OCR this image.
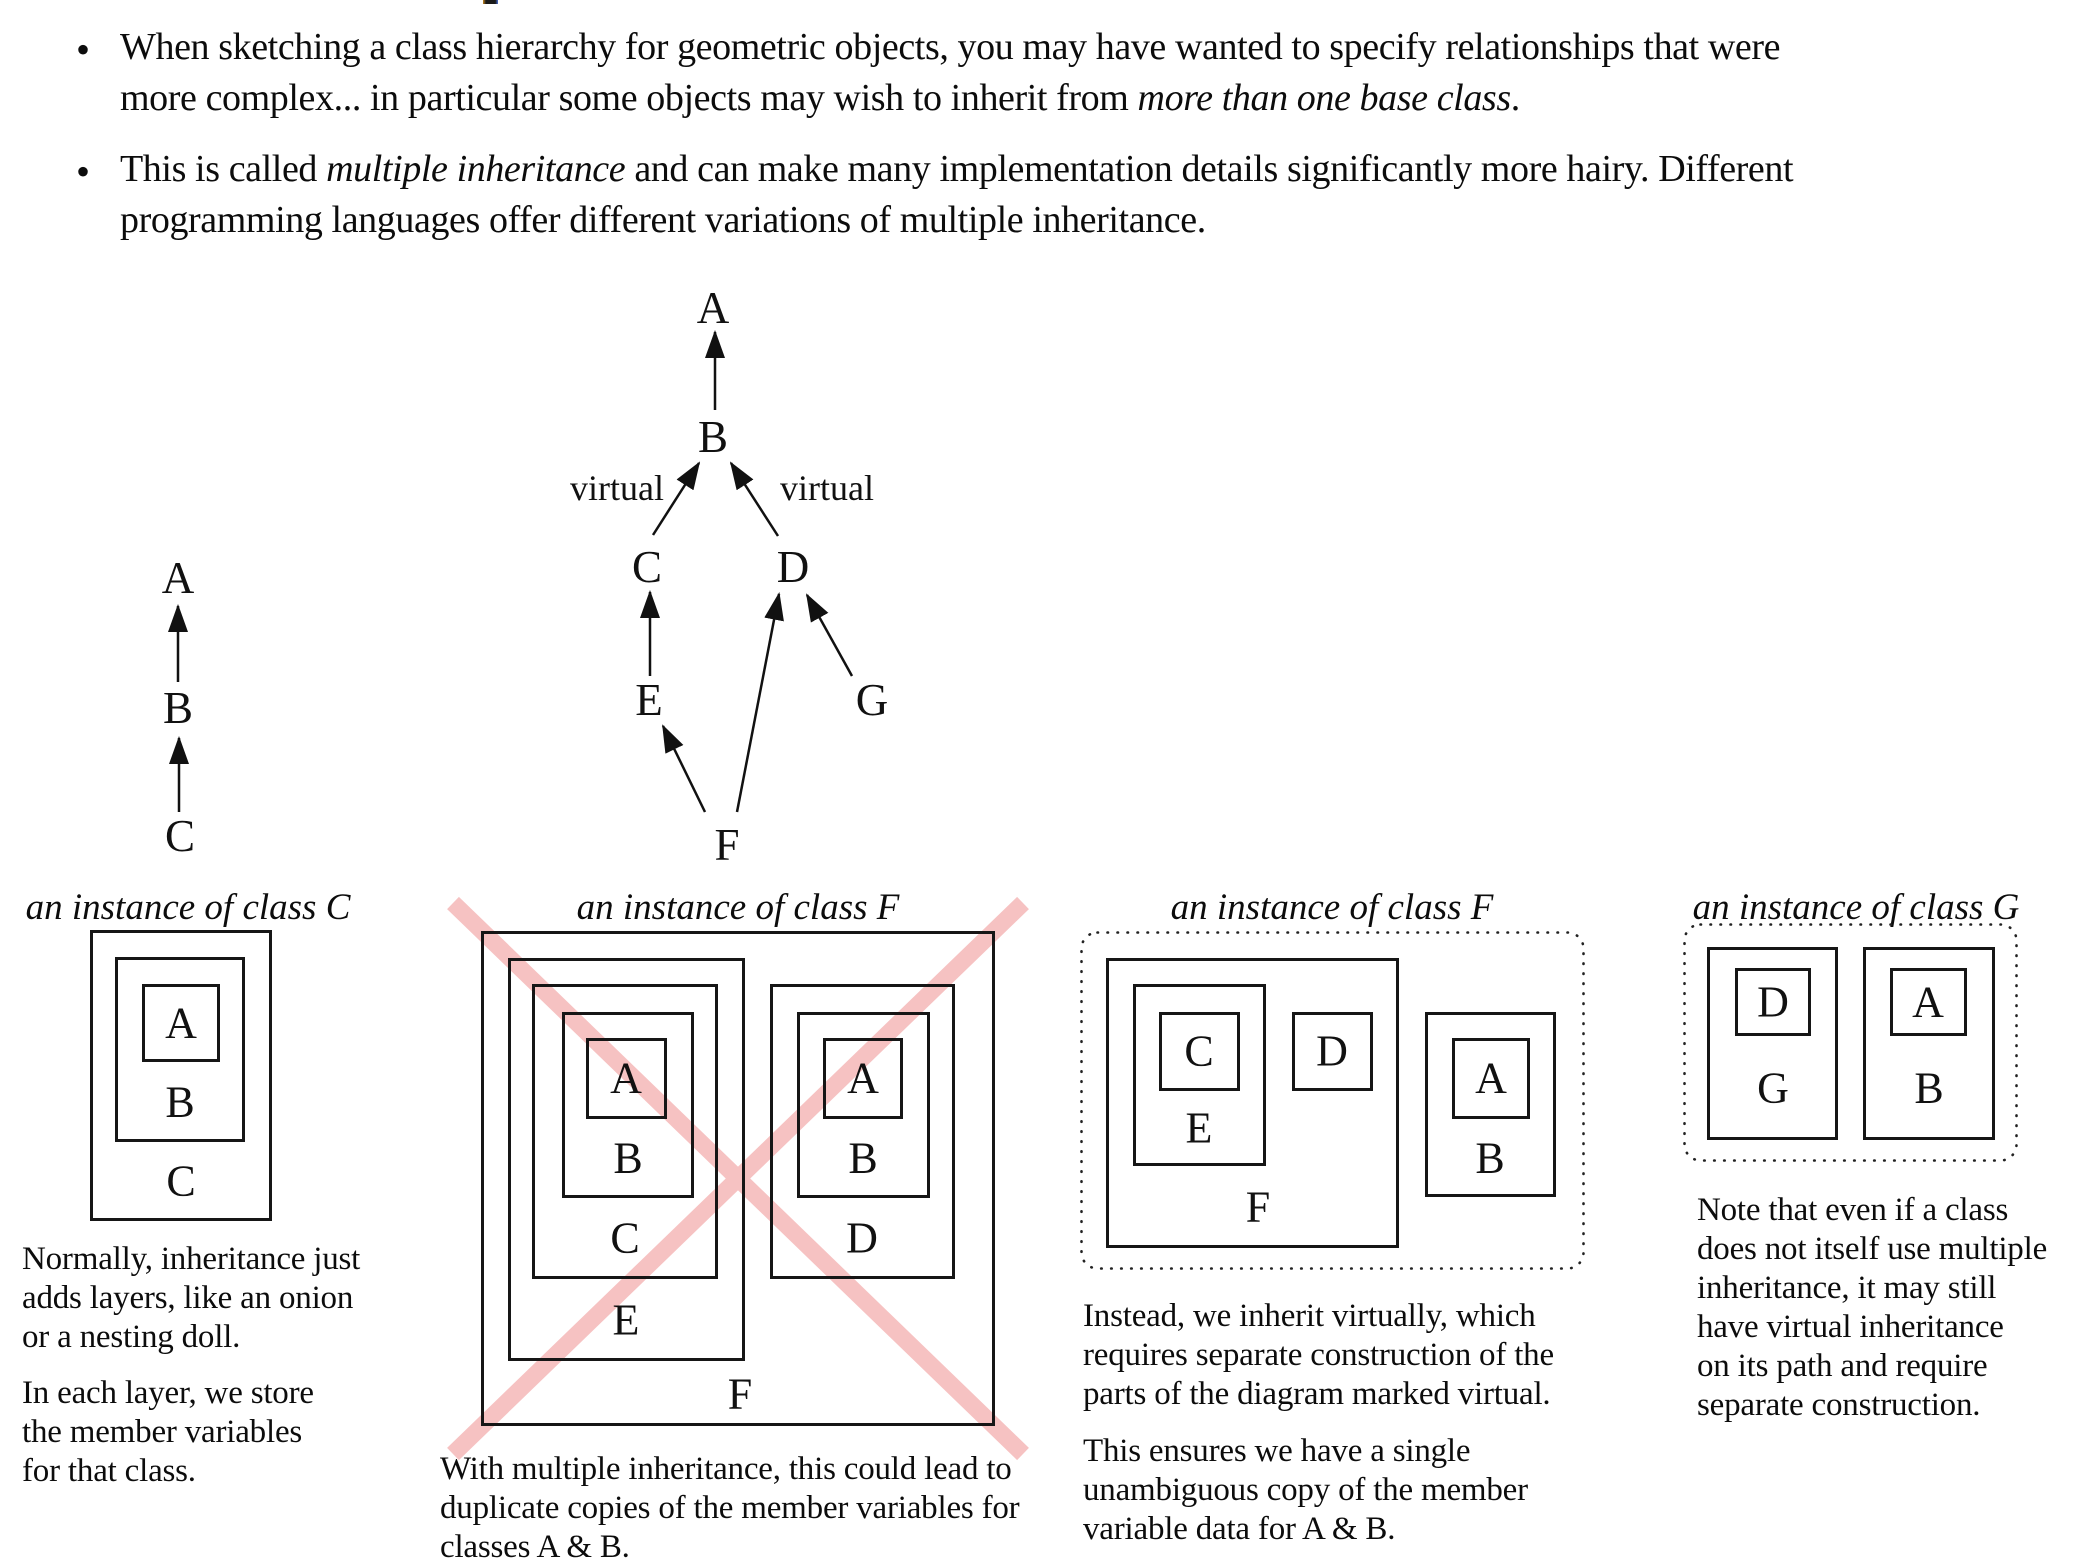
• When sketching a class hierarchy for geometric objects, you may have wanted to specify relationships that were
more complex... in particular some objects may wish to inherit from more than one base class.
• This is called multiple inheritance and can make many implementation details significantly more hairy. Different
programming languages offer different variations of multiple inheritance.
A
B
C
A
B
virtual	virtual
C	D
E	G
F
an instance of class C
A
B
C
Normally, inheritance just
adds layers, like an onion
or a nesting doll.
In each layer, we store
the member variables
for that class.
an instance of class F
A
B
C
E
A
B
D
F
With multiple inheritance, this could lead to
duplicate copies of the member variables for
classes A & B.
an instance of class F
C D
E
F
A
B
Instead, we inherit virtually, which
requires separate construction of the
parts of the diagram marked virtual.
This ensures we have a single
unambiguous copy of the member
variable data for A & B.
an instance of class G
D
G
A
B
Note that even if a class
does not itself use multiple
inheritance, it may still
have virtual inheritance
on its path and require
separate construction.
